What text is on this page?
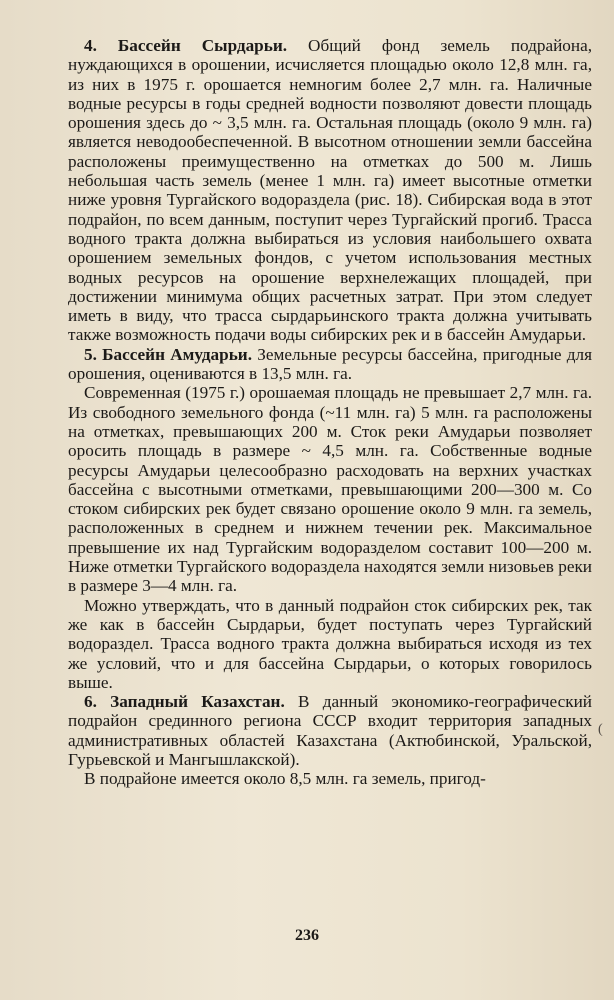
4. Бассейн Сырдарьи. Общий фонд земель подрайона, нуждающихся в орошении, исчисляется площадью около 12,8 млн. га, из них в 1975 г. орошается немногим более 2,7 млн. га. Наличные водные ресурсы в годы средней водности позволяют довести площадь орошения здесь до ~ 3,5 млн. га. Остальная площадь (около 9 млн. га) является неводообеспеченной. В высотном отношении земли бассейна расположены преимущественно на отметках до 500 м. Лишь небольшая часть земель (менее 1 млн. га) имеет высотные отметки ниже уровня Тургайского водораздела (рис. 18). Сибирская вода в этот подрайон, по всем данным, поступит через Тургайский прогиб. Трасса водного тракта должна выбираться из условия наибольшего охвата орошением земельных фондов, с учетом использования местных водных ресурсов на орошение верхнележащих площадей, при достижении минимума общих расчетных затрат. При этом следует иметь в виду, что трасса сырдарьинского тракта должна учитывать также возможность подачи воды сибирских рек и в бассейн Амударьи.

5. Бассейн Амударьи. Земельные ресурсы бассейна, пригодные для орошения, оцениваются в 13,5 млн. га.

Современная (1975 г.) орошаемая площадь не превышает 2,7 млн. га. Из свободного земельного фонда (~11 млн. га) 5 млн. га расположены на отметках, превышающих 200 м. Сток реки Амударьи позволяет оросить площадь в размере ~ 4,5 млн. га. Собственные водные ресурсы Амударьи целесообразно расходовать на верхних участках бассейна с высотными отметками, превышающими 200—300 м. Со стоком сибирских рек будет связано орошение около 9 млн. га земель, расположенных в среднем и нижнем течении рек. Максимальное превышение их над Тургайским водоразделом составит 100—200 м. Ниже отметки Тургайского водораздела находятся земли низовьев реки в размере 3—4 млн. га.

Можно утверждать, что в данный подрайон сток сибирских рек, так же как в бассейн Сырдарьи, будет поступать через Тургайский водораздел. Трасса водного тракта должна выбираться исходя из тех же условий, что и для бассейна Сырдарьи, о которых говорилось выше.

6. Западный Казахстан. В данный экономико-географический подрайон срединного региона СССР входит территория западных административных областей Казахстана (Актюбинской, Уральской, Гурьевской и Мангышлакской).

В подрайоне имеется около 8,5 млн. га земель, пригод-

(
236
